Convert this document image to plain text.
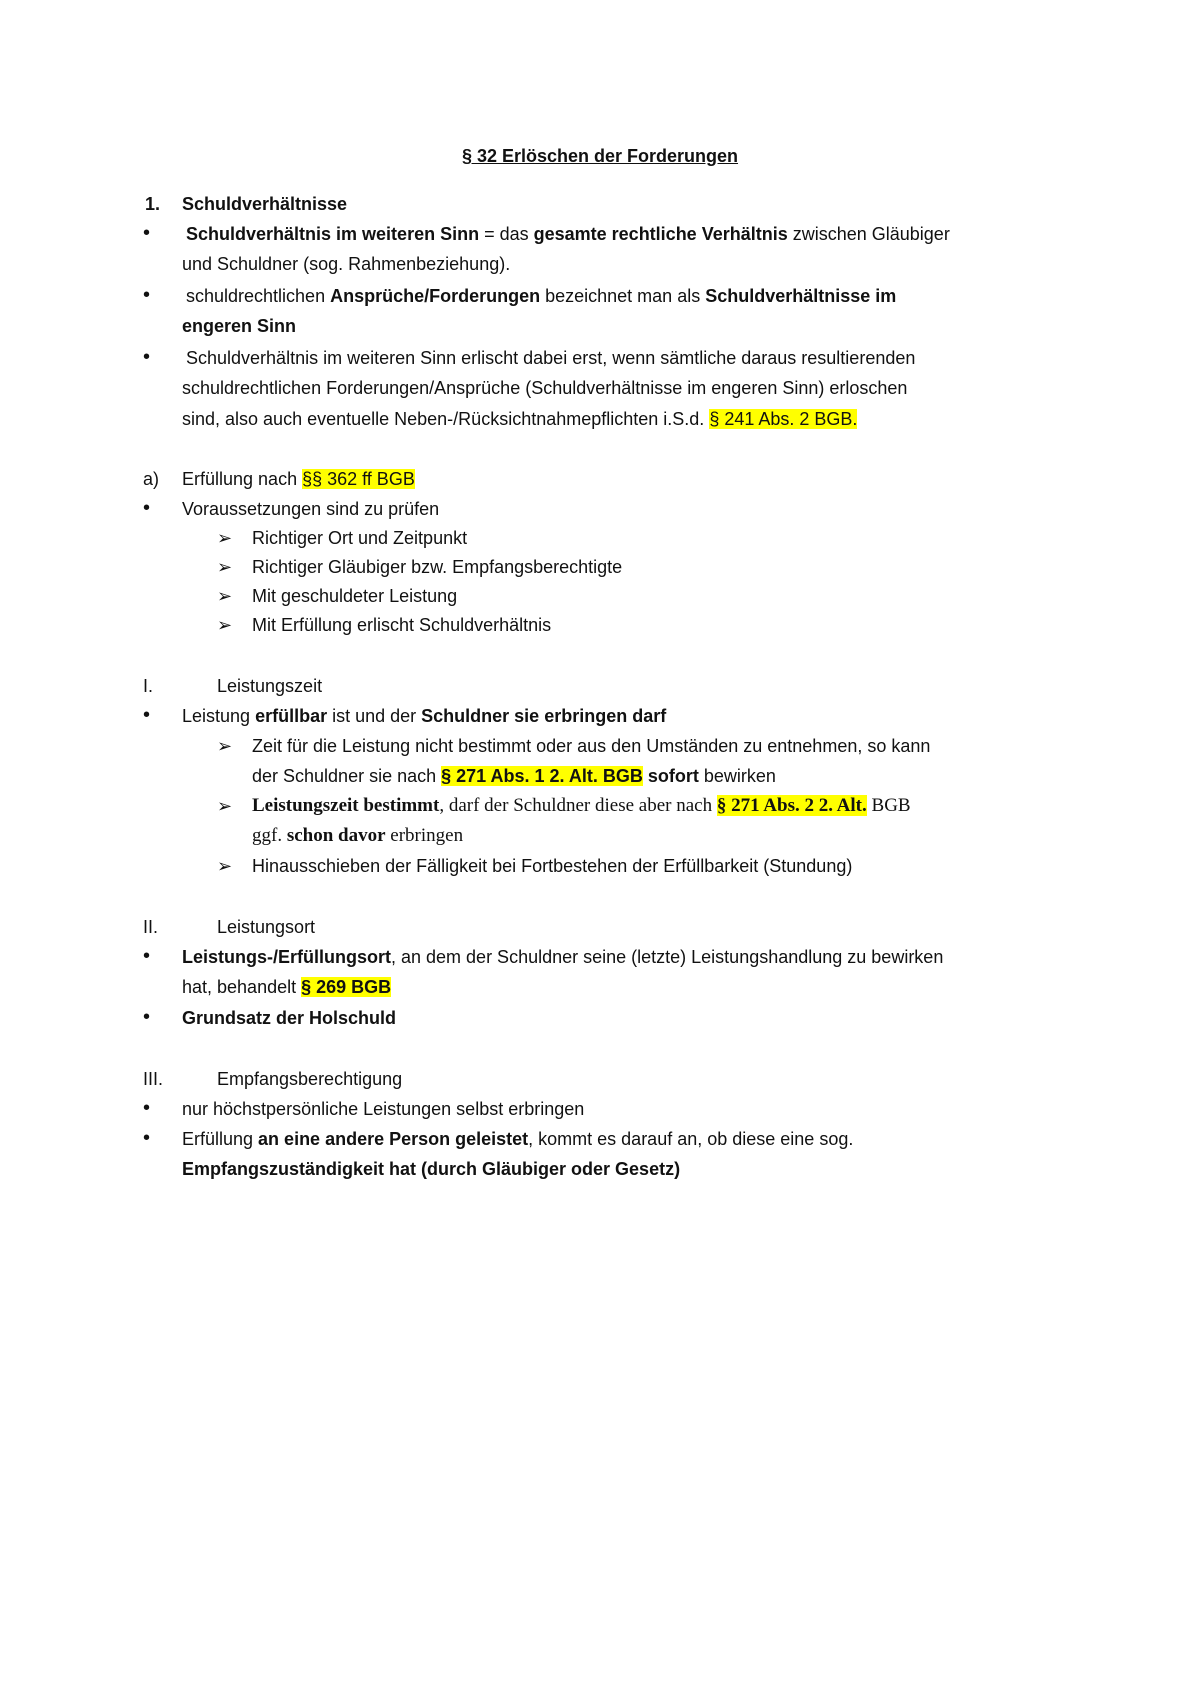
§ 32 Erlöschen der Forderungen
1. Schuldverhältnisse
• Schuldverhältnis im weiteren Sinn = das gesamte rechtliche Verhältnis zwischen Gläubiger
und Schuldner (sog. Rahmenbeziehung).
• schuldrechtlichen Ansprüche/Forderungen bezeichnet man als Schuldverhältnisse im
engeren Sinn
• Schuldverhältnis im weiteren Sinn erlischt dabei erst, wenn sämtliche daraus resultierenden
schuldrechtlichen Forderungen/Ansprüche (Schuldverhältnisse im engeren Sinn) erloschen
sind, also auch eventuelle Neben-/Rücksichtnahmepflichten i.S.d. § 241 Abs. 2 BGB.
a) Erfüllung nach §§ 362 ff BGB
• Voraussetzungen sind zu prüfen
➢ Richtiger Ort und Zeitpunkt
➢ Richtiger Gläubiger bzw. Empfangsberechtigte
➢ Mit geschuldeter Leistung
➢ Mit Erfüllung erlischt Schuldverhältnis
I.	Leistungszeit
• Leistung erfüllbar ist und der Schuldner sie erbringen darf
➢ Zeit für die Leistung nicht bestimmt oder aus den Umständen zu entnehmen, so kann
der Schuldner sie nach § 271 Abs. 1 2. Alt. BGB sofort bewirken
➢ Leistungszeit bestimmt, darf der Schuldner diese aber nach § 271 Abs. 2 2. Alt. BGB
ggf. schon davor erbringen
➢ Hinausschieben der Fälligkeit bei Fortbestehen der Erfüllbarkeit (Stundung)
II.	Leistungsort
• Leistungs-/Erfüllungsort, an dem der Schuldner seine (letzte) Leistungshandlung zu bewirken
hat, behandelt § 269 BGB
• Grundsatz der Holschuld
III.	Empfangsberechtigung
• nur höchstpersönliche Leistungen selbst erbringen
• Erfüllung an eine andere Person geleistet, kommt es darauf an, ob diese eine sog.
Empfangszuständigkeit hat (durch Gläubiger oder Gesetz)
